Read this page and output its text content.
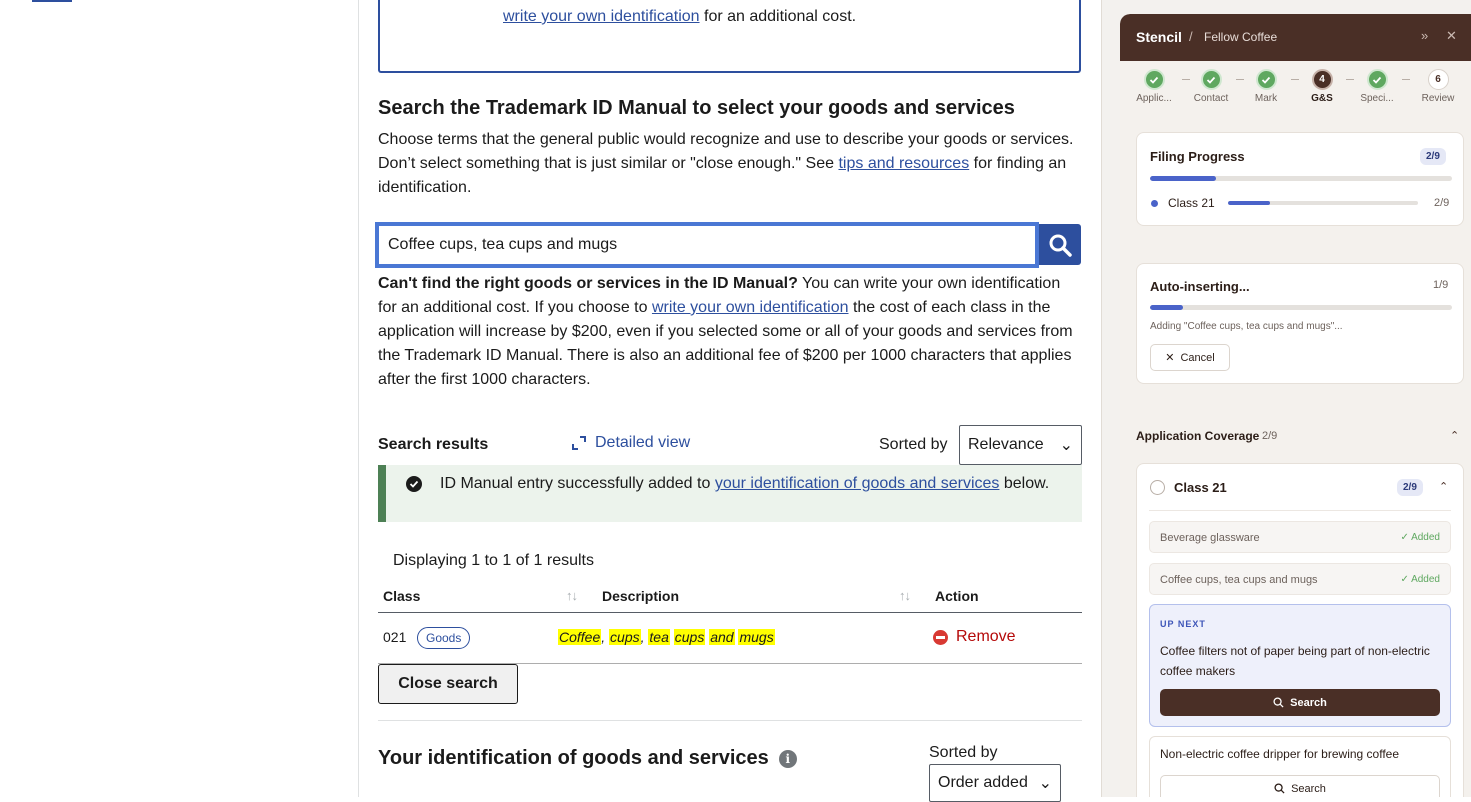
write your own identification for an additional cost.
Search the Trademark ID Manual to select your goods and services

Choose terms that the general public would recognize and use to describe your goods or services. Don’t select something that is just similar or "close enough." See tips and resources for finding an identification.

Coffee cups, tea cups and mugs

Can't find the right goods or services in the ID Manual? You can write your own identification for an additional cost. If you choose to write your own identification the cost of each class in the application will increase by $200, even if you selected some or all of your goods and services from the Trademark ID Manual. There is also an additional fee of $200 per 1000 characters that applies after the first 1000 characters.

Search results	Detailed view	Sorted by Relevance ⌄
ID Manual entry successfully added to your identification of goods and services below.
Displaying 1 to 1 of 1 results
Class	↑↓ Description	↑↓ Action
021	Goods	Coffee, cups, tea cups and mugs	Remove
Close search
Your identification of goods and services	i	Sorted by
Order added ⌄
Stencil / Fellow Coffee	» ✕
Applic...	Contact	Mark
4
G&S	Speci...
6
Review
Filing Progress	2/9
Class 21	2/9
Auto-inserting...	1/9
Adding "Coffee cups, tea cups and mugs"...
✕ Cancel
Application Coverage 2/9	⌃
Class 21	2/9	⌃
Beverage glassware	✓ Added
Coffee cups, tea cups and mugs	✓ Added
UP NEXT
Coffee filters not of paper being part of non-electric coffee makers
Search
Non-electric coffee dripper for brewing coffee
Search
